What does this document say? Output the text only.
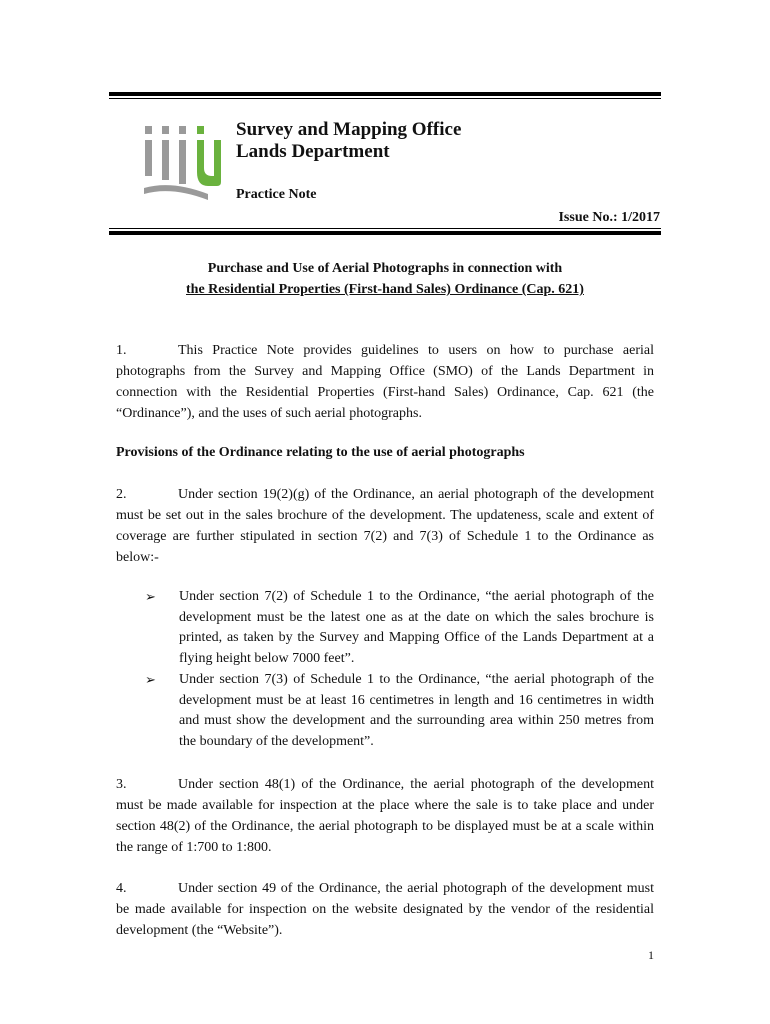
Survey and Mapping Office
Lands Department
Practice Note
Issue No.: 1/2017
Purchase and Use of Aerial Photographs in connection with
the Residential Properties (First-hand Sales) Ordinance (Cap. 621)
1.	This Practice Note provides guidelines to users on how to purchase aerial photographs from the Survey and Mapping Office (SMO) of the Lands Department in connection with the Residential Properties (First-hand Sales) Ordinance, Cap. 621 (the “Ordinance”), and the uses of such aerial photographs.
Provisions of the Ordinance relating to the use of aerial photographs
2.	Under section 19(2)(g) of the Ordinance, an aerial photograph of the development must be set out in the sales brochure of the development. The updateness, scale and extent of coverage are further stipulated in section 7(2) and 7(3) of Schedule 1 to the Ordinance as below:-
➢ Under section 7(2) of Schedule 1 to the Ordinance, “the aerial photograph of the development must be the latest one as at the date on which the sales brochure is printed, as taken by the Survey and Mapping Office of the Lands Department at a flying height below 7000 feet”.
➢ Under section 7(3) of Schedule 1 to the Ordinance, “the aerial photograph of the development must be at least 16 centimetres in length and 16 centimetres in width and must show the development and the surrounding area within 250 metres from the boundary of the development”.
3.	Under section 48(1) of the Ordinance, the aerial photograph of the development must be made available for inspection at the place where the sale is to take place and under section 48(2) of the Ordinance, the aerial photograph to be displayed must be at a scale within the range of 1:700 to 1:800.
4.	Under section 49 of the Ordinance, the aerial photograph of the development must be made available for inspection on the website designated by the vendor of the residential development (the “Website”).
1
